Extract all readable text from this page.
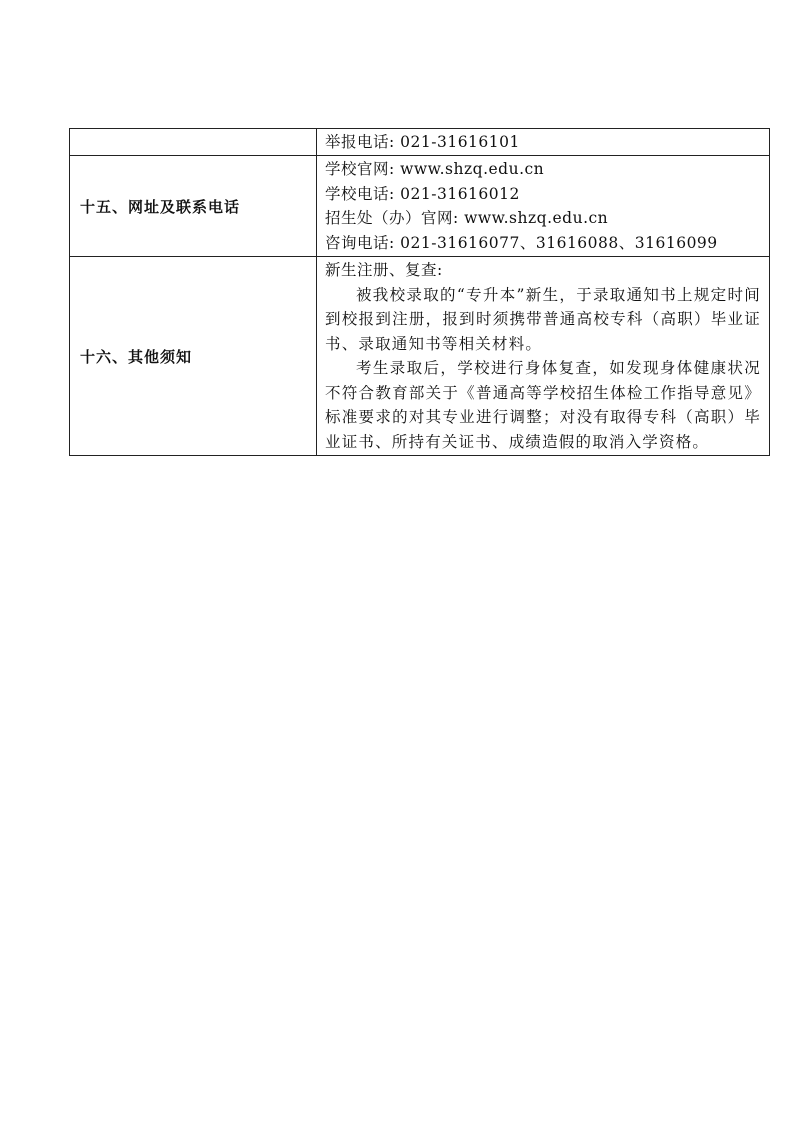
	举报电话: 021-31616101

十五、网址及联系电话	学校官网: www.shzq.edu.cn
学校电话: 021-31616012
招生处（办）官网: www.shzq.edu.cn
咨询电话: 021-31616077、31616088、31616099

十六、其他须知	新生注册、复查:
被我校录取的“专升本”新生，于录取通知书上规定时间到校报到注册，报到时须携带普通高校专科（高职）毕业证书、录取通知书等相关材料。
考生录取后，学校进行身体复查，如发现身体健康状况不符合教育部关于《普通高等学校招生体检工作指导意见》标准要求的对其专业进行调整；对没有取得专科（高职）毕业证书、所持有关证书、成绩造假的取消入学资格。
